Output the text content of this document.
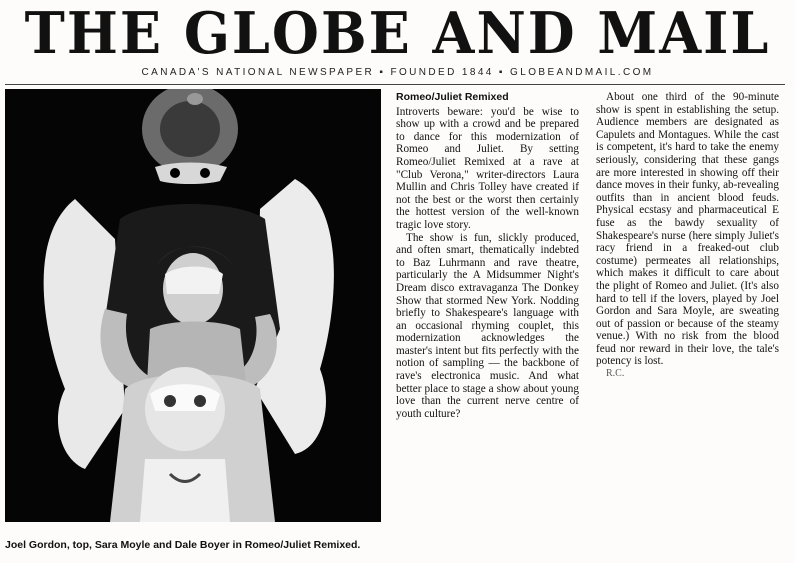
THE GLOBE AND MAIL
CANADA'S NATIONAL NEWSPAPER ▪ FOUNDED 1844 ▪ GLOBEANDMAIL.COM
Joel Gordon, top, Sara Moyle and Dale Boyer in Romeo/Juliet Remixed.
Romeo/Juliet Remixed

Introverts beware: you'd be wise to show up with a crowd and be prepared to dance for this modernization of Romeo and Juliet. By setting Romeo/Juliet Remixed at a rave at "Club Verona," writer-directors Laura Mullin and Chris Tolley have created if not the best or the worst then certainly the hottest version of the well-known tragic love story.

The show is fun, slickly produced, and often smart, thematically indebted to Baz Luhrmann and rave theatre, particularly the A Midsummer Night's Dream disco extravaganza The Donkey Show that stormed New York. Nodding briefly to Shakespeare's language with an occasional rhyming couplet, this modernization acknowledges the master's intent but fits perfectly with the notion of sampling — the backbone of rave's electronica music. And what better place to stage a show about young love than the current nerve centre of youth culture?

About one third of the 90-minute show is spent in establishing the setup. Audience members are designated as Capulets and Montagues. While the cast is competent, it's hard to take the enemy seriously, considering that these gangs are more interested in showing off their dance moves in their funky, ab-revealing outfits than in ancient blood feuds. Physical ecstasy and pharmaceutical E fuse as the bawdy sexuality of Shakespeare's nurse (here simply Juliet's racy friend in a freaked-out club costume) permeates all relationships, which makes it difficult to care about the plight of Romeo and Juliet. (It's also hard to tell if the lovers, played by Joel Gordon and Sara Moyle, are sweating out of passion or because of the steamy venue.) With no risk from the blood feud nor reward in their love, the tale's potency is lost.

R.C.
